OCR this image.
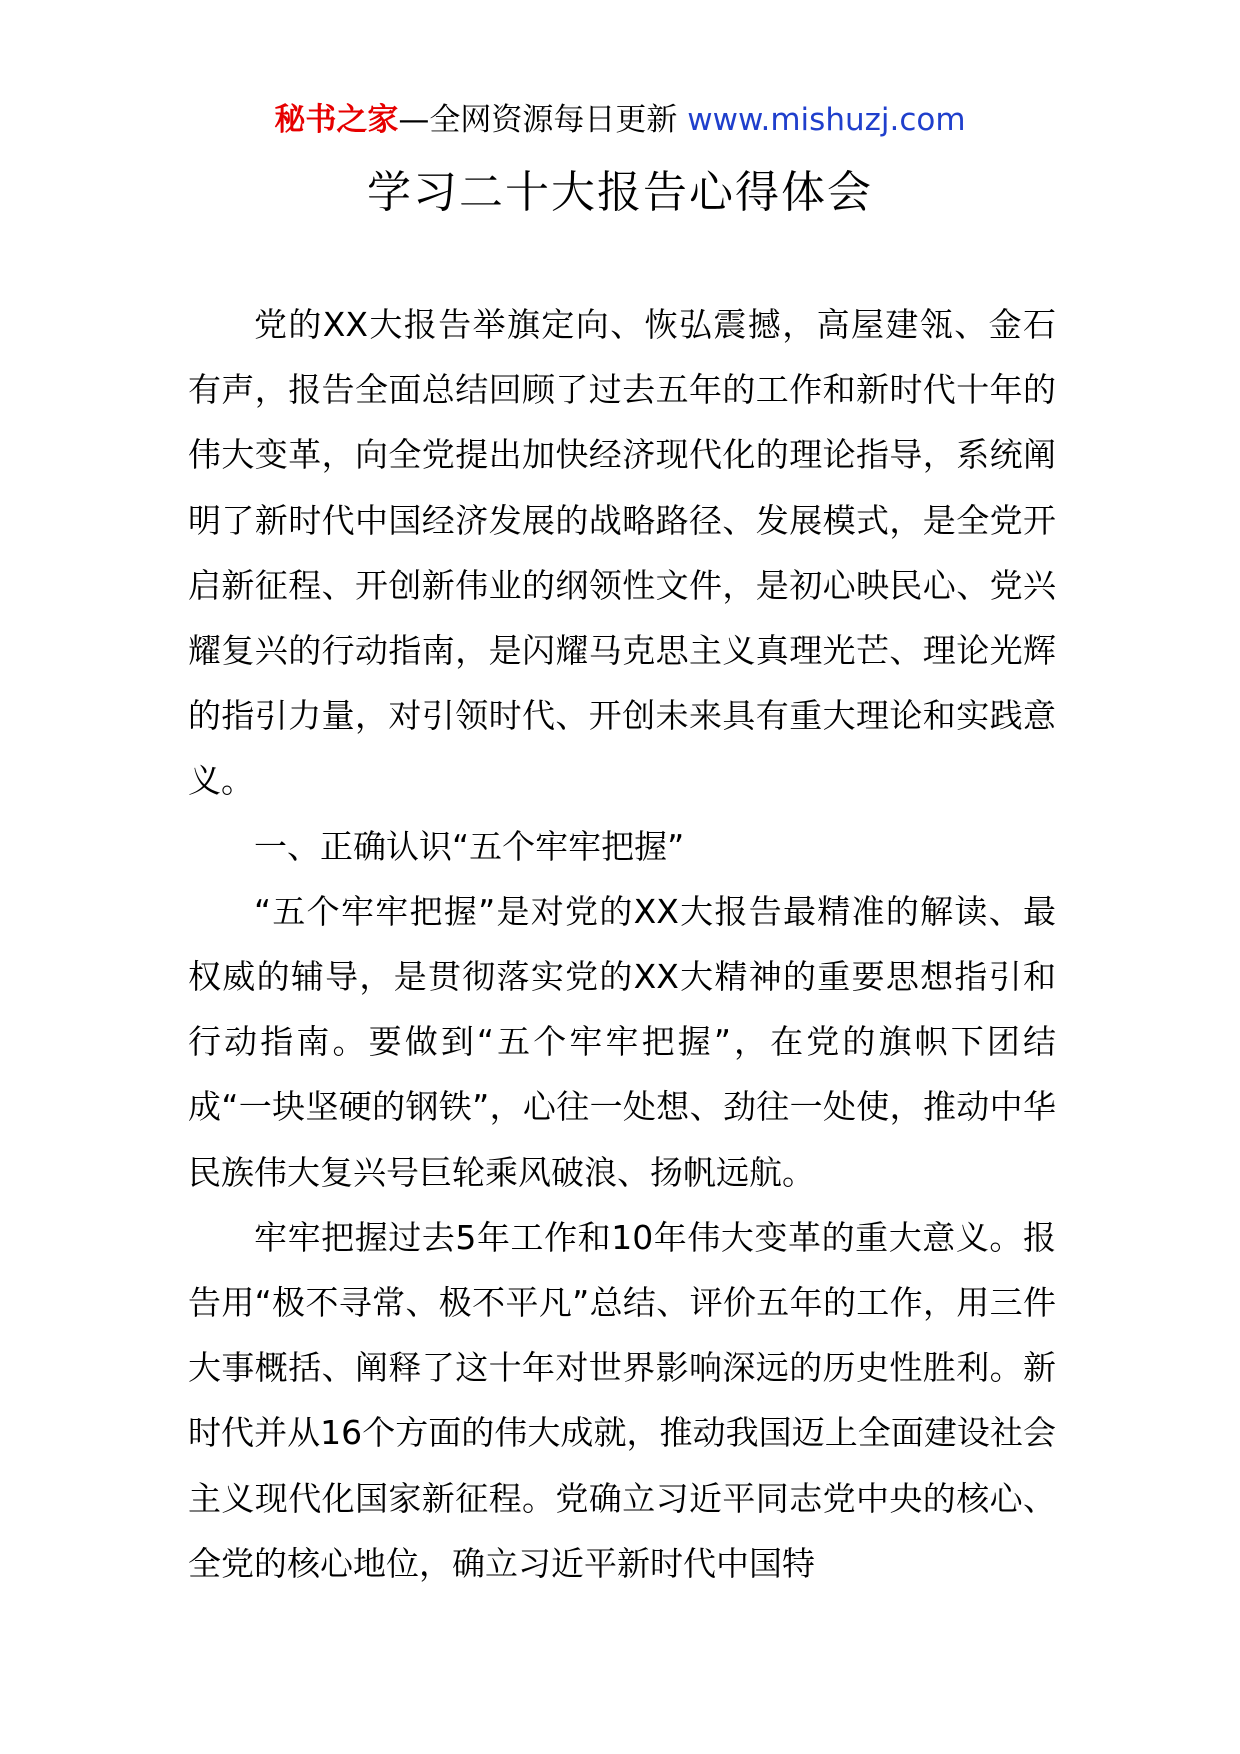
秘书之家—全网资源每日更新 www.mishuzj.com
学习二十大报告心得体会

党的XX大报告举旗定向、恢弘震撼，高屋建瓴、金石有声，报告全面总结回顾了过去五年的工作和新时代十年的伟大变革，向全党提出加快经济现代化的理论指导，系统阐明了新时代中国经济发展的战略路径、发展模式，是全党开启新征程、开创新伟业的纲领性文件，是初心映民心、党兴耀复兴的行动指南，是闪耀马克思主义真理光芒、理论光辉的指引力量，对引领时代、开创未来具有重大理论和实践意义。

一、正确认识“五个牢牢把握”

“五个牢牢把握”是对党的XX大报告最精准的解读、最权威的辅导，是贯彻落实党的XX大精神的重要思想指引和行动指南。要做到“五个牢牢把握”，在党的旗帜下团结成“一块坚硬的钢铁”，心往一处想、劲往一处使，推动中华民族伟大复兴号巨轮乘风破浪、扬帆远航。

牢牢把握过去5年工作和10年伟大变革的重大意义。报告用“极不寻常、极不平凡”总结、评价五年的工作，用三件大事概括、阐释了这十年对世界影响深远的历史性胜利。新时代并从16个方面的伟大成就，推动我国迈上全面建设社会主义现代化国家新征程。党确立习近平同志党中央的核心、全党的核心地位，确立习近平新时代中国特
